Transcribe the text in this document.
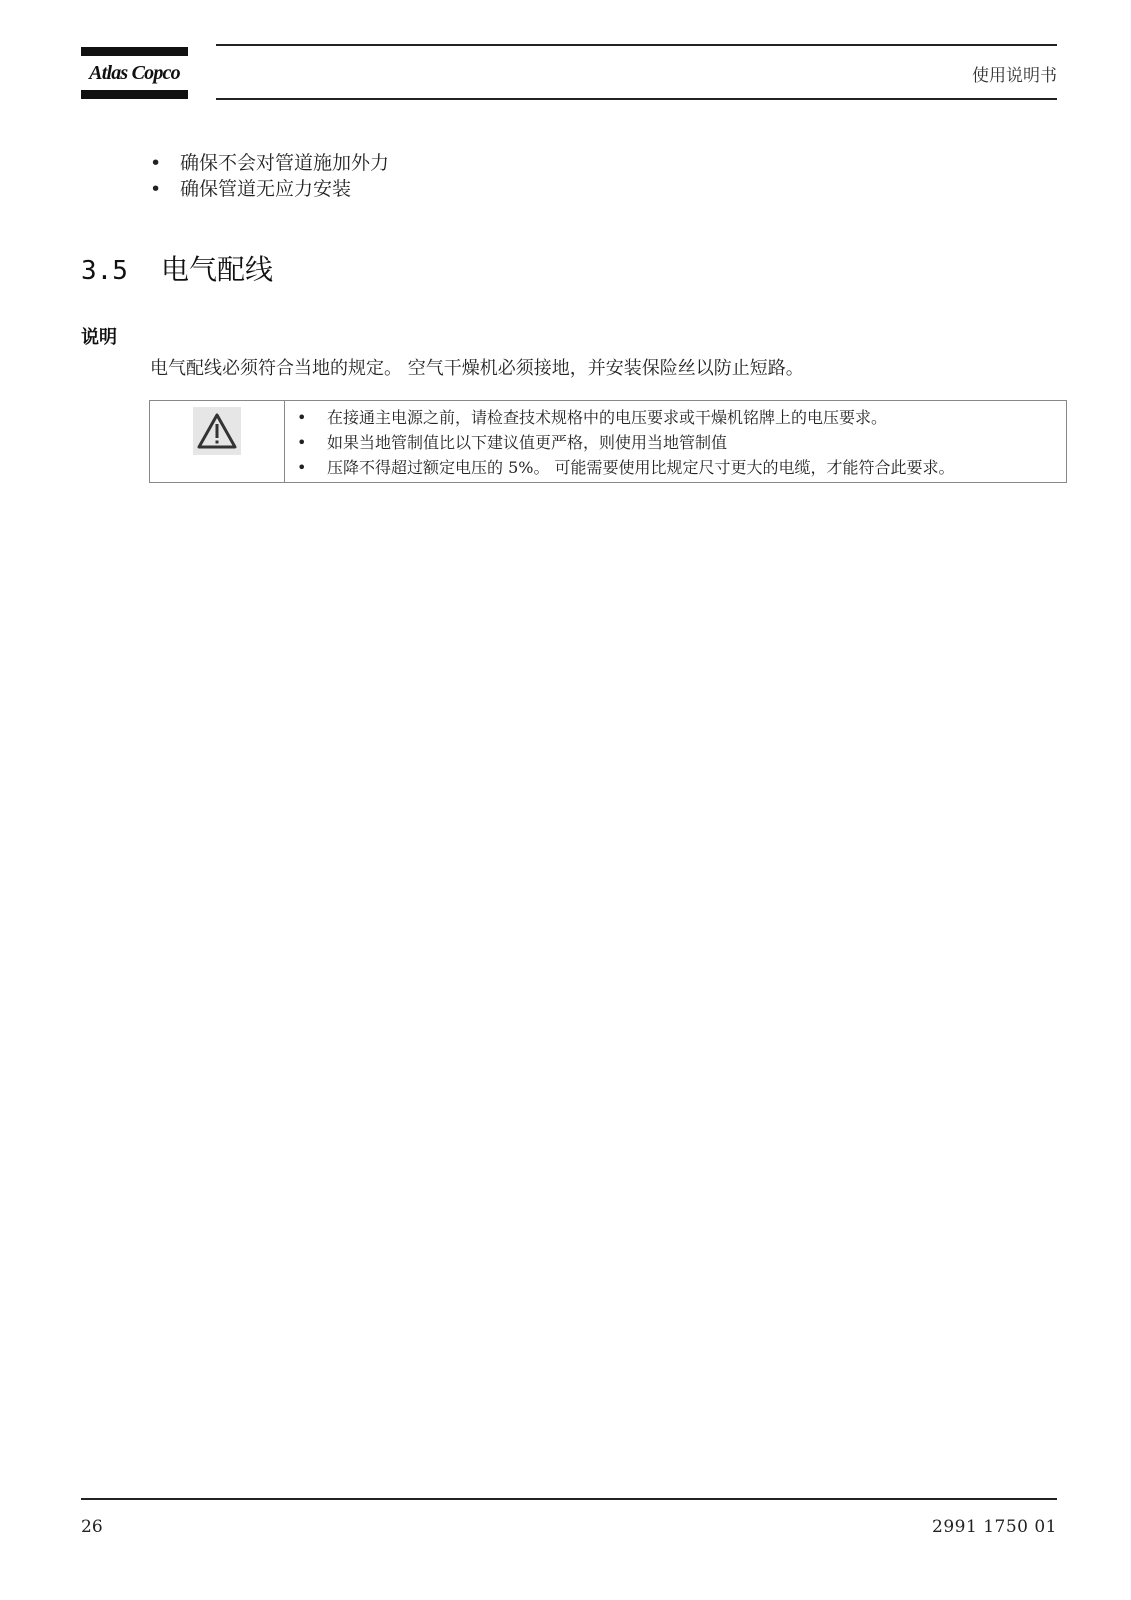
Atlas Copco	使用说明书
• 确保不会对管道施加外力
• 确保管道无应力安装
3.5 电气配线
说明
电气配线必须符合当地的规定。 空气干燥机必须接地，并安装保险丝以防止短路。
• 在接通主电源之前，请检查技术规格中的电压要求或干燥机铭牌上的电压要求。
• 如果当地管制值比以下建议值更严格，则使用当地管制值
• 压降不得超过额定电压的 5%。 可能需要使用比规定尺寸更大的电缆，才能符合此要求。
26	2991 1750 01
